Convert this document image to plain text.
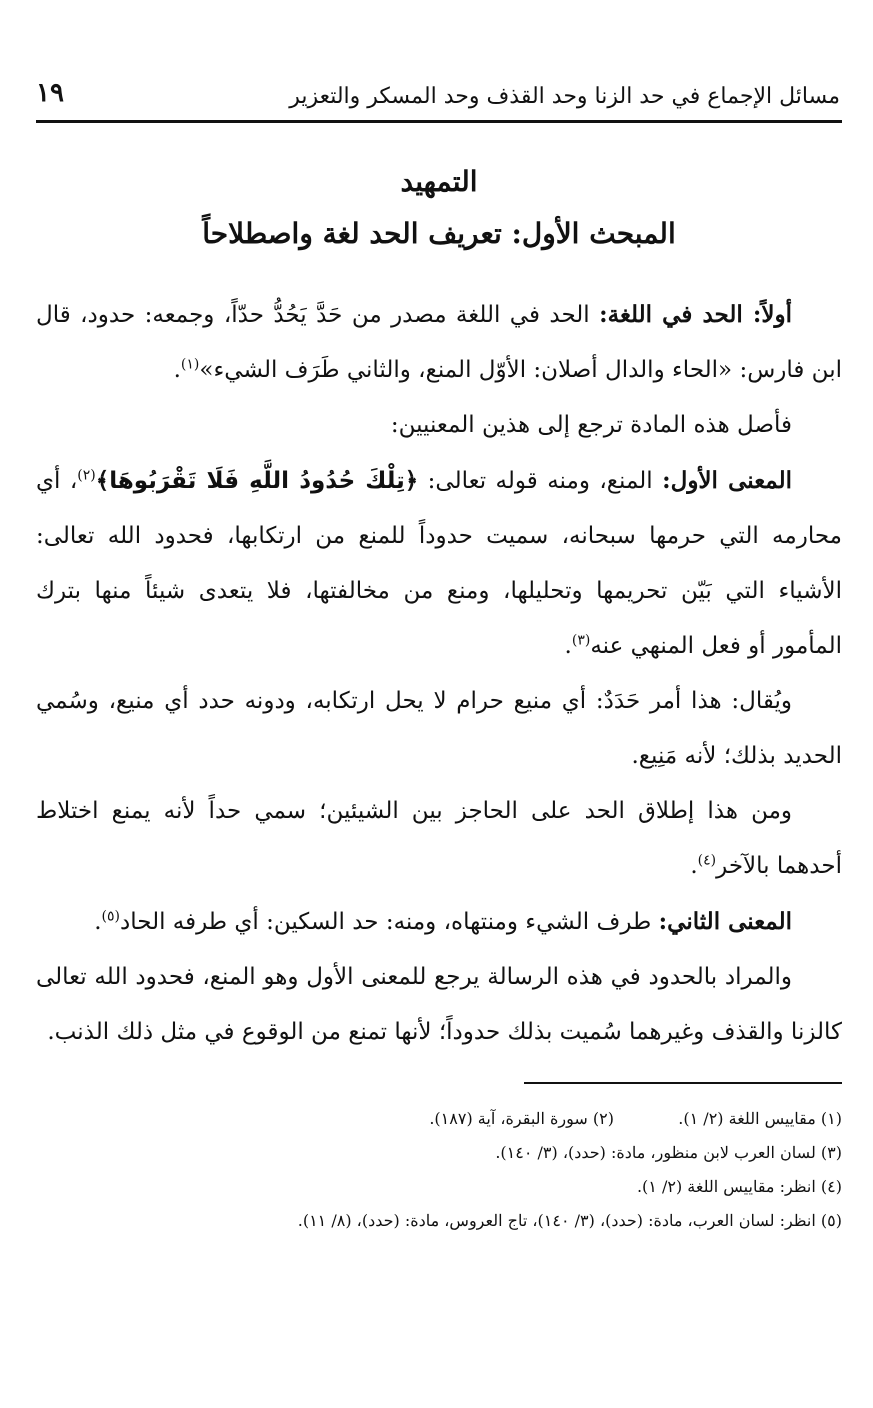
مسائل الإجماع في حد الزنا وحد القذف وحد المسكر والتعزير
١٩
التمهيد
المبحث الأول: تعريف الحد لغة واصطلاحاً

أولاً: الحد في اللغة: الحد في اللغة مصدر من حَدَّ يَحُدُّ حدّاً، وجمعه: حدود، قال ابن فارس: «الحاء والدال أصلان: الأوّل المنع، والثاني طَرَف الشيء»$^{(١)}$.

فأصل هذه المادة ترجع إلى هذين المعنيين:

المعنى الأول: المنع، ومنه قوله تعالى: ﴿تِلْكَ حُدُودُ اللَّهِ فَلَا تَقْرَبُوهَا﴾$^{(٢)}$، أي محارمه التي حرمها سبحانه، سميت حدوداً للمنع من ارتكابها، فحدود الله تعالى: الأشياء التي بَيّن تحريمها وتحليلها، ومنع من مخالفتها، فلا يتعدى شيئاً منها بترك المأمور أو فعل المنهي عنه$^{(٣)}$.

ويُقال: هذا أمر حَدَدٌ: أي منيع حرام لا يحل ارتكابه، ودونه حدد أي منيع، وسُمي الحديد بذلك؛ لأنه مَنِيع.

ومن هذا إطلاق الحد على الحاجز بين الشيئين؛ سمي حداً لأنه يمنع اختلاط أحدهما بالآخر$^{(٤)}$.

المعنى الثاني: طرف الشيء ومنتهاه، ومنه: حد السكين: أي طرفه الحاد$^{(٥)}$.

والمراد بالحدود في هذه الرسالة يرجع للمعنى الأول وهو المنع، فحدود الله تعالى كالزنا والقذف وغيرهما سُميت بذلك حدوداً؛ لأنها تمنع من الوقوع في مثل ذلك الذنب.

(١) مقاييس اللغة (٢/ ١).
(٢) سورة البقرة، آية (١٨٧).
(٣) لسان العرب لابن منظور، مادة: (حدد)، (٣/ ١٤٠).
(٤) انظر: مقاييس اللغة (٢/ ١).
(٥) انظر: لسان العرب، مادة: (حدد)، (٣/ ١٤٠)، تاج العروس، مادة: (حدد)، (٨/ ١١).
